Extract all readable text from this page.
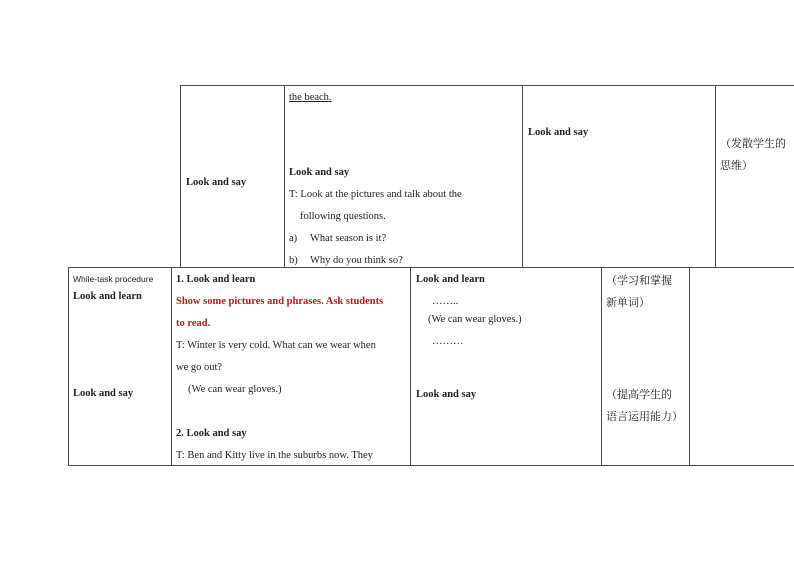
Look and say
the beach.
Look and say
T: Look at the pictures and talk about the
following questions.
a) What season is it?
b) Why do you think so?
Look and say
（发散学生的
思维）
While-task procedure
Look and learn
Look and say
1. Look and learn
Show some pictures and phrases. Ask students
to read.
T: Winter is very cold. What can we wear when
we go out?
(We can wear gloves.)
2. Look and say
T: Ben and Kitty live in the suburbs now. They
Look and learn
……..
(We can wear gloves.)
………
Look and say
（学习和掌握
新单词）
（提高学生的
语言运用能力）
